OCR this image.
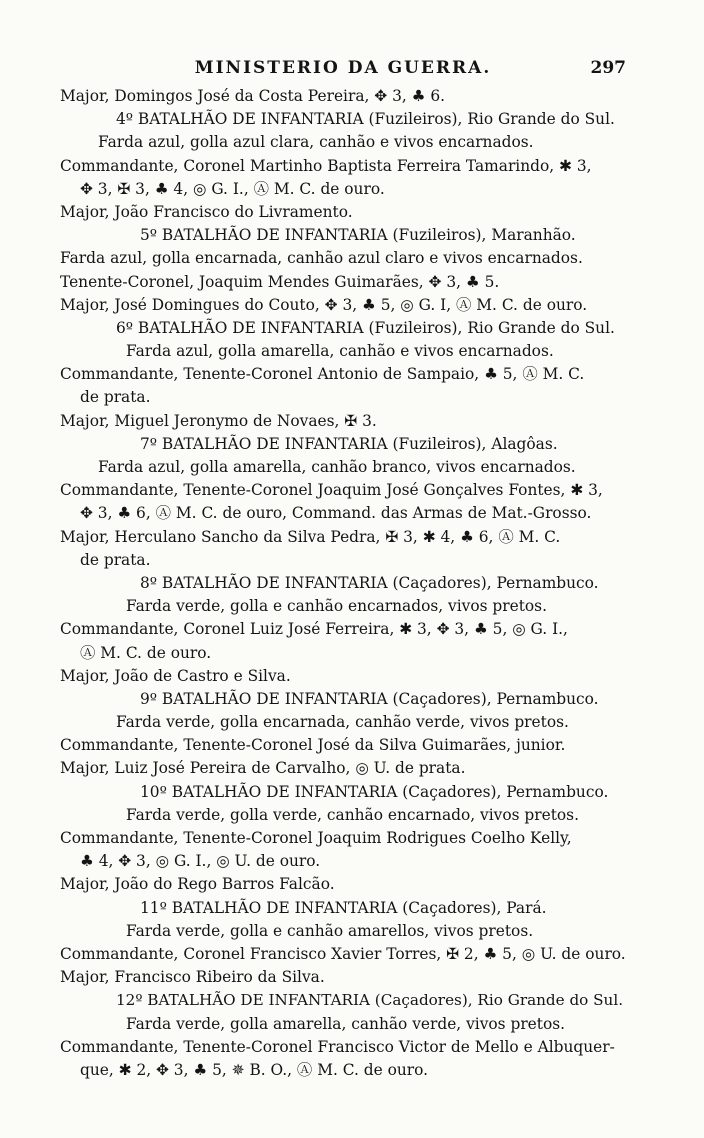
MINISTERIO DA GUERRA.	297
Major, Domingos José da Costa Pereira, ✥ 3, ♣ 6.
4º BATALHÃO DE INFANTARIA (Fuzileiros), Rio Grande do Sul.
Farda azul, golla azul clara, canhão e vivos encarnados.
Commandante, Coronel Martinho Baptista Ferreira Tamarindo, ✱ 3,
✥ 3, ✠ 3, ♣ 4, ◎ G. I., Ⓐ M. C. de ouro.
Major, João Francisco do Livramento.
5º BATALHÃO DE INFANTARIA (Fuzileiros), Maranhão.
Farda azul, golla encarnada, canhão azul claro e vivos encarnados.
Tenente-Coronel, Joaquim Mendes Guimarães, ✥ 3, ♣ 5.
Major, José Domingues do Couto, ✥ 3, ♣ 5, ◎ G. I, Ⓐ M. C. de ouro.
6º BATALHÃO DE INFANTARIA (Fuzileiros), Rio Grande do Sul.
Farda azul, golla amarella, canhão e vivos encarnados.
Commandante, Tenente-Coronel Antonio de Sampaio, ♣ 5, Ⓐ M. C.
de prata.
Major, Miguel Jeronymo de Novaes, ✠ 3.
7º BATALHÃO DE INFANTARIA (Fuzileiros), Alagôas.
Farda azul, golla amarella, canhão branco, vivos encarnados.
Commandante, Tenente-Coronel Joaquim José Gonçalves Fontes, ✱ 3,
✥ 3, ♣ 6, Ⓐ M. C. de ouro, Command. das Armas de Mat.-Grosso.
Major, Herculano Sancho da Silva Pedra, ✠ 3, ✱ 4, ♣ 6, Ⓐ M. C.
de prata.
8º BATALHÃO DE INFANTARIA (Caçadores), Pernambuco.
Farda verde, golla e canhão encarnados, vivos pretos.
Commandante, Coronel Luiz José Ferreira, ✱ 3, ✥ 3, ♣ 5, ◎ G. I.,
Ⓐ M. C. de ouro.
Major, João de Castro e Silva.
9º BATALHÃO DE INFANTARIA (Caçadores), Pernambuco.
Farda verde, golla encarnada, canhão verde, vivos pretos.
Commandante, Tenente-Coronel José da Silva Guimarães, junior.
Major, Luiz José Pereira de Carvalho, ◎ U. de prata.
10º BATALHÃO DE INFANTARIA (Caçadores), Pernambuco.
Farda verde, golla verde, canhão encarnado, vivos pretos.
Commandante, Tenente-Coronel Joaquim Rodrigues Coelho Kelly,
♣ 4, ✥ 3, ◎ G. I., ◎ U. de ouro.
Major, João do Rego Barros Falcão.
11º BATALHÃO DE INFANTARIA (Caçadores), Pará.
Farda verde, golla e canhão amarellos, vivos pretos.
Commandante, Coronel Francisco Xavier Torres, ✠ 2, ♣ 5, ◎ U. de ouro.
Major, Francisco Ribeiro da Silva.
12º BATALHÃO DE INFANTARIA (Caçadores), Rio Grande do Sul.
Farda verde, golla amarella, canhão verde, vivos pretos.
Commandante, Tenente-Coronel Francisco Victor de Mello e Albuquer-
que, ✱ 2, ✥ 3, ♣ 5, ✵ B. O., Ⓐ M. C. de ouro.
